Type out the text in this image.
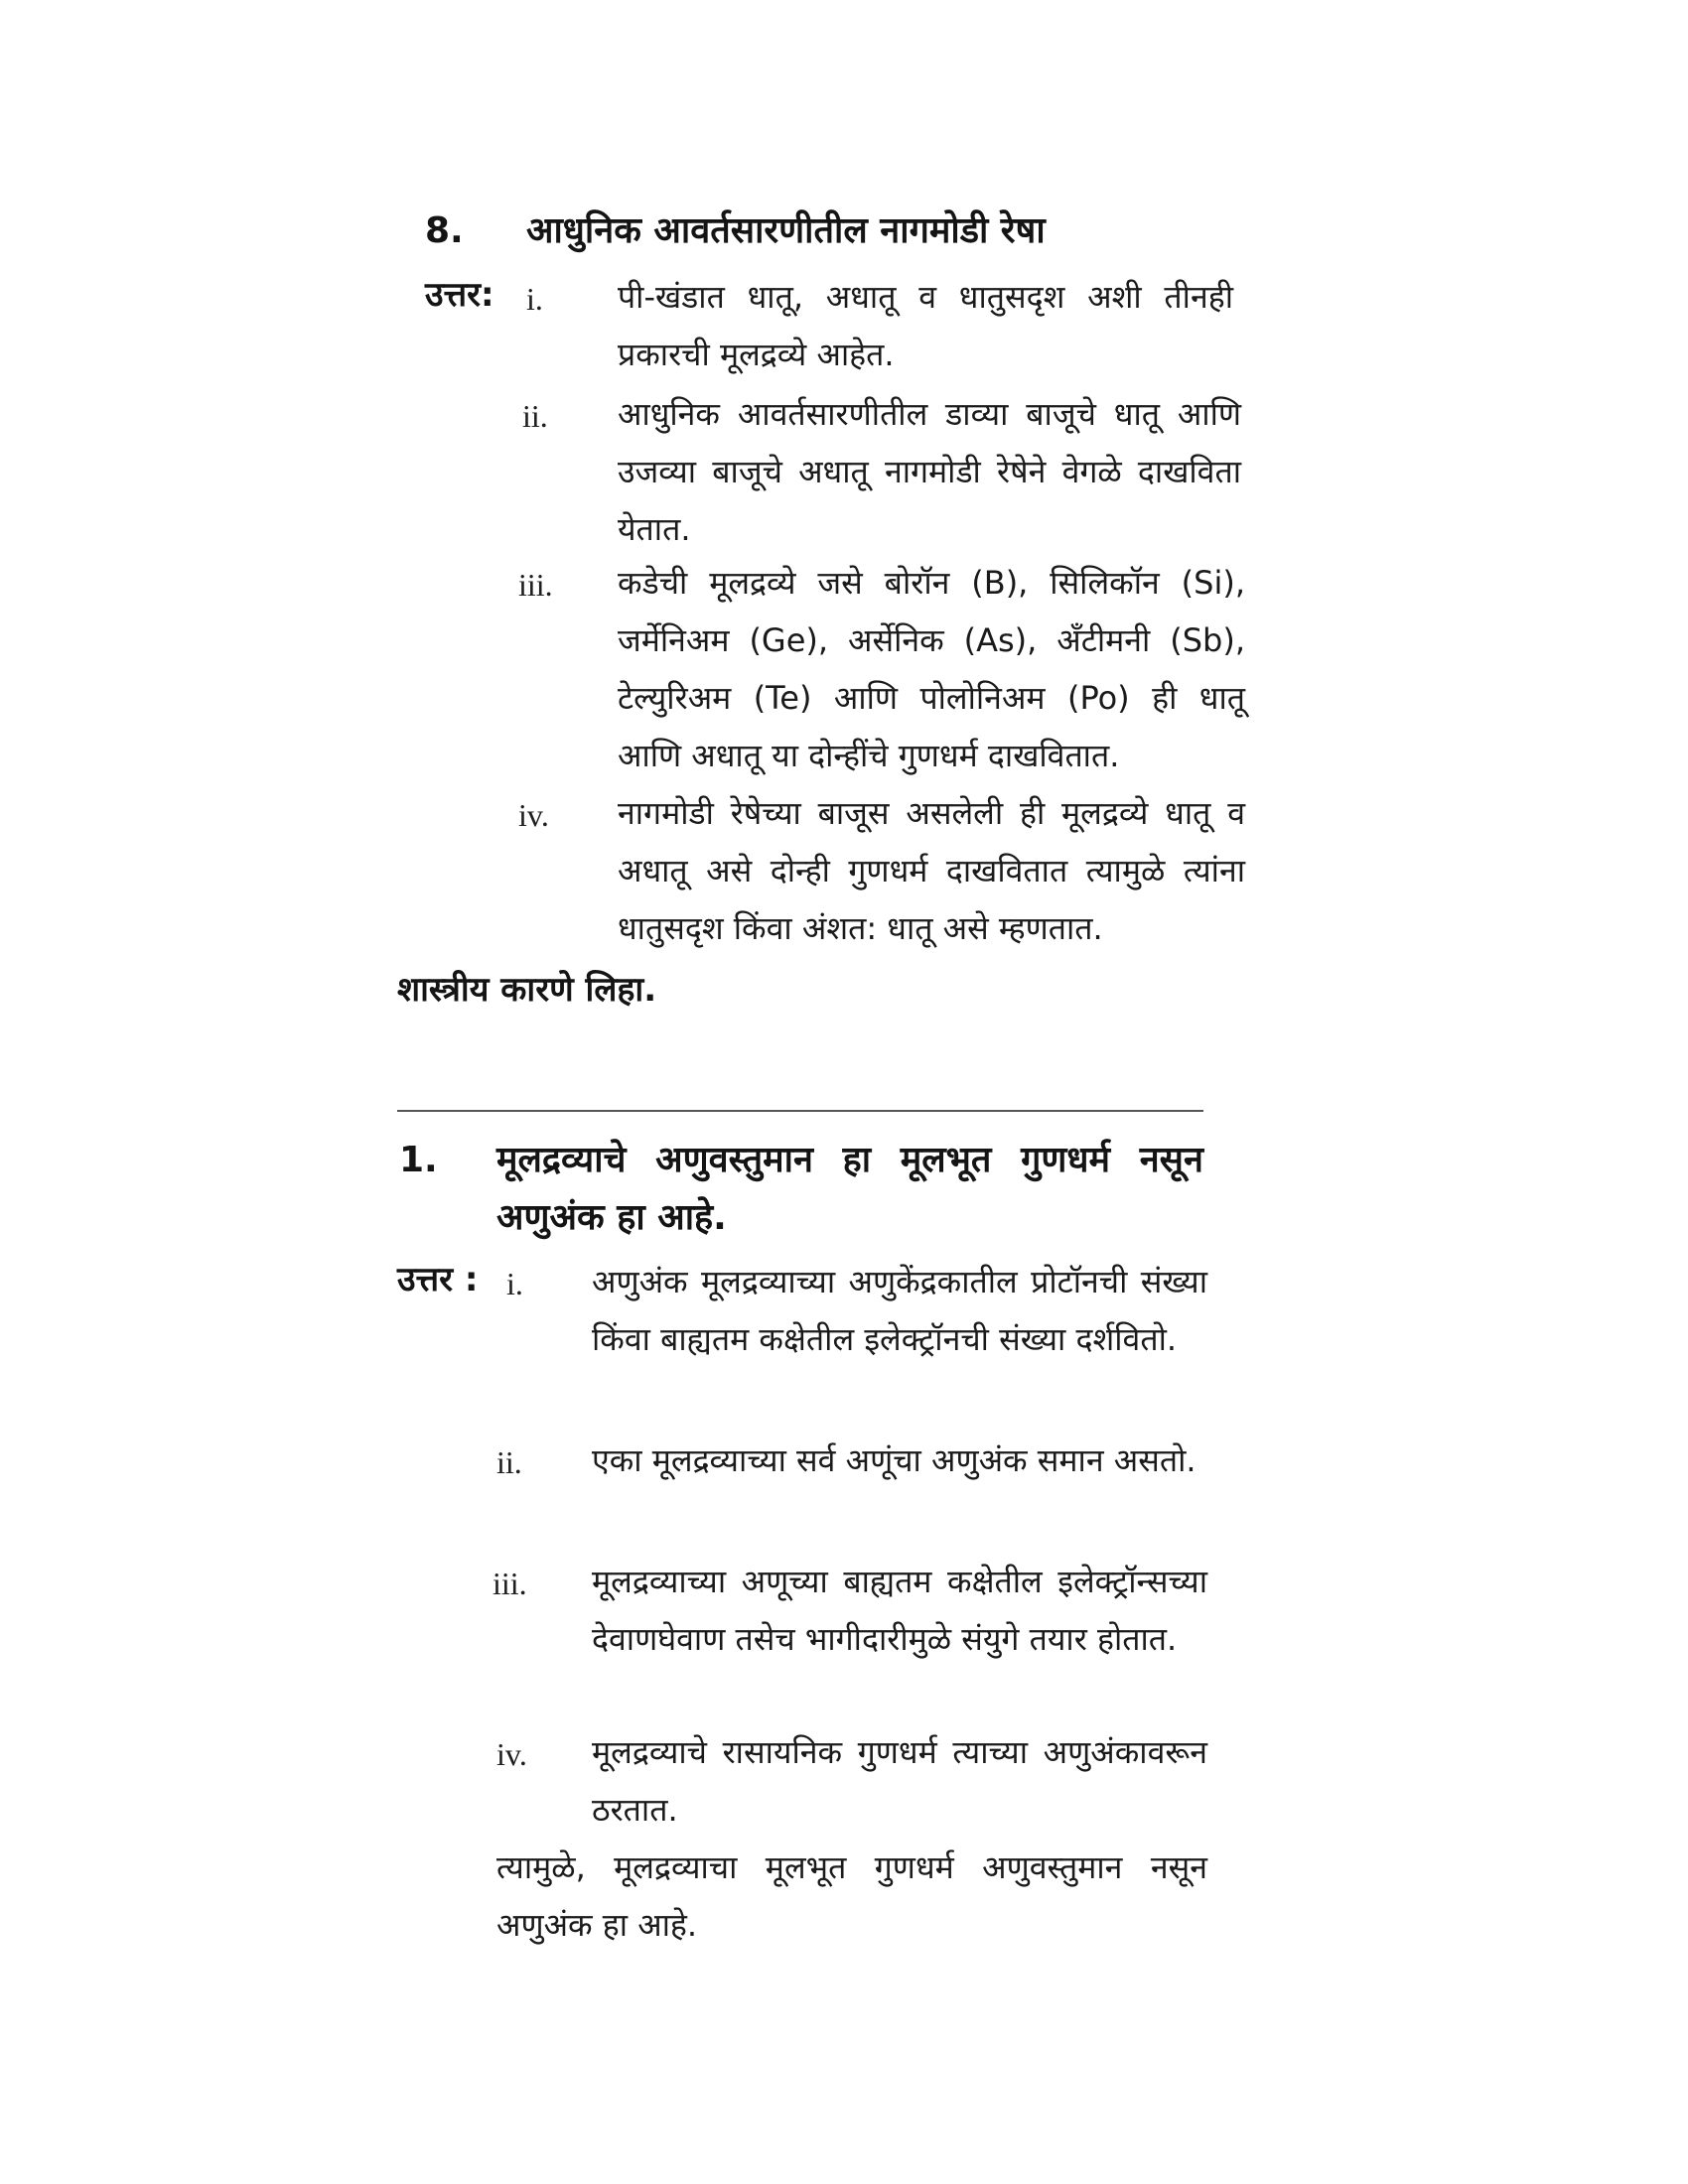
8. आधुनिक आवर्तसारणीतील नागमोडी रेषा
उत्तर: i. पी-खंडात धातू, अधातू व धातुसदृश अशी तीनही प्रकारची मूलद्रव्ये आहेत.
ii. आधुनिक आवर्तसारणीतील डाव्या बाजूचे धातू आणि उजव्या बाजूचे अधातू नागमोडी रेषेने वेगळे दाखविता येतात.
iii. कडेची मूलद्रव्ये जसे बोरॉन (B), सिलिकॉन (Si), जर्मेनिअम (Ge), अर्सेनिक (As), अँटीमनी (Sb), टेल्युरिअम (Te) आणि पोलोनिअम (Po) ही धातू आणि अधातू या दोन्हींचे गुणधर्म दाखवितात.
iv. नागमोडी रेषेच्या बाजूस असलेली ही मूलद्रव्ये धातू व अधातू असे दोन्ही गुणधर्म दाखवितात त्यामुळे त्यांना धातुसदृश किंवा अंशत: धातू असे म्हणतात.
शास्त्रीय कारणे लिहा.
1. मूलद्रव्याचे अणुवस्तुमान हा मूलभूत गुणधर्म नसून अणुअंक हा आहे.
उत्तर : i. अणुअंक मूलद्रव्याच्या अणुकेंद्रकातील प्रोटॉनची संख्या किंवा बाह्यतम कक्षेतील इलेक्ट्रॉनची संख्या दर्शवितो.
ii. एका मूलद्रव्याच्या सर्व अणूंचा अणुअंक समान असतो.
iii. मूलद्रव्याच्या अणूच्या बाह्यतम कक्षेतील इलेक्ट्रॉन्सच्या देवाणघेवाण तसेच भागीदारीमुळे संयुगे तयार होतात.
iv. मूलद्रव्याचे रासायनिक गुणधर्म त्याच्या अणुअंकावरून ठरतात.
त्यामुळे, मूलद्रव्याचा मूलभूत गुणधर्म अणुवस्तुमान नसून अणुअंक हा आहे.
